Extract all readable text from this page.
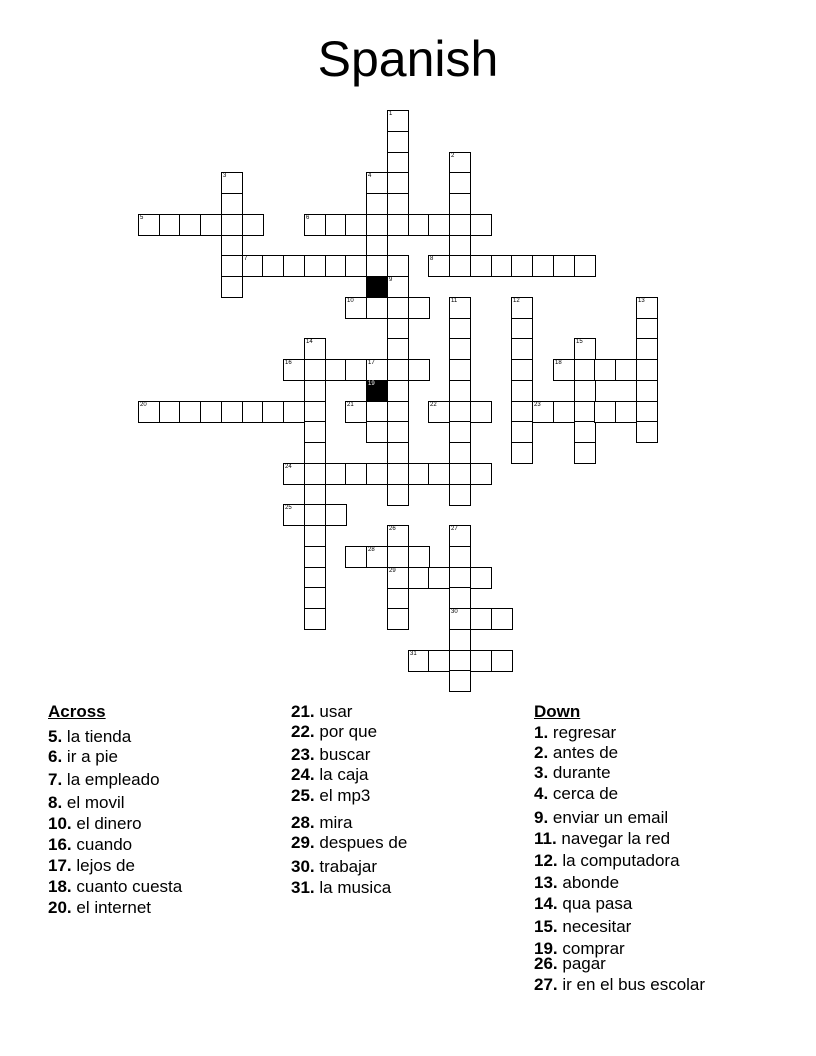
Spanish
1
2
3	4
5	6
7	8
9
10	11	12	13
14	15
16	17	18
19
20	21	22	23
24
25
26	27
28
29
30
31
Across
5. la tienda
6. ir a pie
7. la empleado
8. el movil
10. el dinero
16. cuando
17. lejos de
18. cuanto cuesta
20. el internet
21. usar
22. por que
23. buscar
24. la caja
25. el mp3
28. mira
29. despues de
30. trabajar
31. la musica
Down
1. regresar
2. antes de
3. durante
4. cerca de
9. enviar un email
11. navegar la red
12. la computadora
13. abonde
14. qua pasa
15. necesitar
19. comprar
26. pagar
27. ir en el bus escolar
